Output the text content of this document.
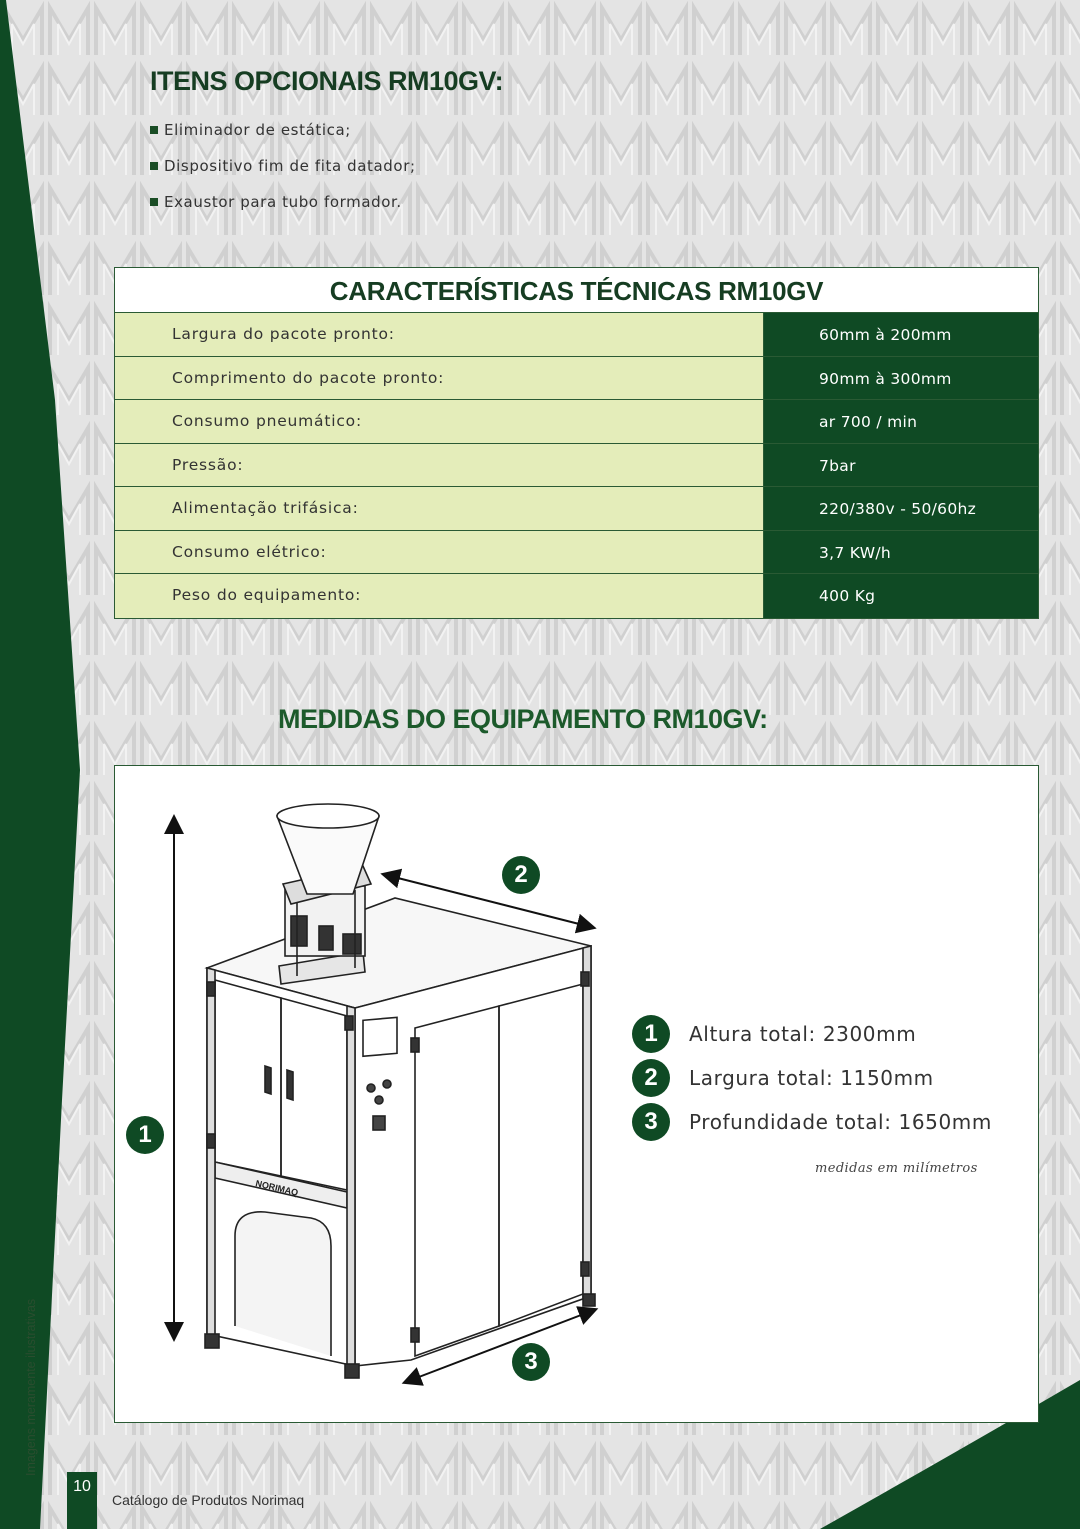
ITENS OPCIONAIS RM10GV:
Eliminador de estática;
Dispositivo fim de fita datador;
Exaustor para tubo formador.
CARACTERÍSTICAS TÉCNICAS RM10GV
Largura do pacote pronto:	60mm à 200mm
Comprimento do pacote pronto:	90mm à 300mm
Consumo pneumático:	ar 700 / min
Pressão:	7bar
Alimentação trifásica:	220/380v - 50/60hz
Consumo elétrico:	3,7 KW/h
Peso do equipamento:	400 Kg
MEDIDAS DO EQUIPAMENTO RM10GV:
NORIMAQ
1
2
3
1	Altura total: 2300mm
2	Largura total: 1150mm
3	Profundidade total: 1650mm
medidas em milímetros
Imagens meramente ilustrativas
10
Catálogo de Produtos Norimaq
